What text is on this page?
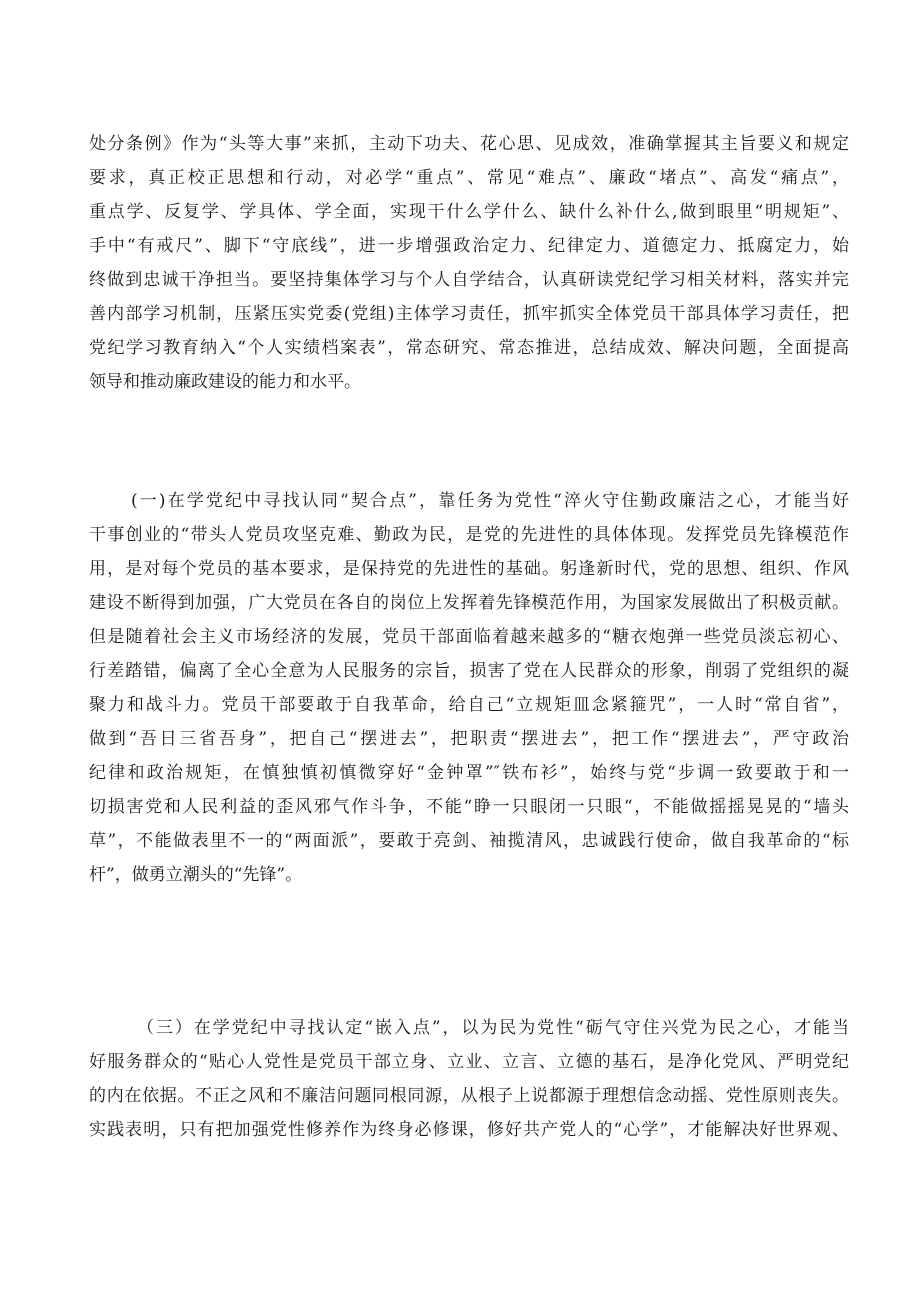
处分条例》作为“头等大事”来抓，主动下功夫、花心思、见成效，准确掌握其主旨要义和规定
要求，真正校正思想和行动，对必学“重点”、常见“难点”、廉政“堵点”、高发“痛点”，
重点学、反复学、学具体、学全面，实现干什么学什么、缺什么补什么,做到眼里“明规矩”、
手中“有戒尺”、脚下“守底线”，进一步增强政治定力、纪律定力、道德定力、抵腐定力，始
终做到忠诚干净担当。要坚持集体学习与个人自学结合，认真研读党纪学习相关材料，落实并完
善内部学习机制，压紧压实党委(党组)主体学习责任，抓牢抓实全体党员干部具体学习责任，把
党纪学习教育纳入“个人实绩档案表”，常态研究、常态推进，总结成效、解决问题，全面提高
领导和推动廉政建设的能力和水平。
(一)在学党纪中寻找认同“契合点”，靠任务为党性“淬火守住勤政廉洁之心，才能当好
干事创业的“带头人党员攻坚克难、勤政为民，是党的先进性的具体体现。发挥党员先锋模范作
用，是对每个党员的基本要求，是保持党的先进性的基础。躬逢新时代，党的思想、组织、作风
建设不断得到加强，广大党员在各自的岗位上发挥着先锋模范作用，为国家发展做出了积极贡献。
但是随着社会主义市场经济的发展，党员干部面临着越来越多的“糖衣炮弹一些党员淡忘初心、
行差踏错，偏离了全心全意为人民服务的宗旨，损害了党在人民群众的形象，削弱了党组织的凝
聚力和战斗力。党员干部要敢于自我革命，给自己“立规矩皿念紧箍咒”，一人时“常自省”，
做到“吾日三省吾身”，把自己“摆进去”，把职责“摆进去”，把工作“摆进去”，严守政治
纪律和政治规矩，在慎独慎初慎微穿好“金钟罩”″铁布衫”，始终与党“步调一致要敢于和一
切损害党和人民利益的歪风邪气作斗争，不能“睁一只眼闭一只眼“，不能做摇摇晃晃的“墙头
草”，不能做表里不一的“两面派”，要敢于亮剑、袖揽清风，忠诚践行使命，做自我革命的“标
杆”，做勇立潮头的“先锋”。
（三）在学党纪中寻找认定“嵌入点”，以为民为党性“砺气守住兴党为民之心，才能当
好服务群众的“贴心人党性是党员干部立身、立业、立言、立德的基石，是净化党风、严明党纪
的内在依据。不正之风和不廉洁问题同根同源，从根子上说都源于理想信念动摇、党性原则丧失。
实践表明，只有把加强党性修养作为终身必修课，修好共产党人的“心学”，才能解决好世界观、
